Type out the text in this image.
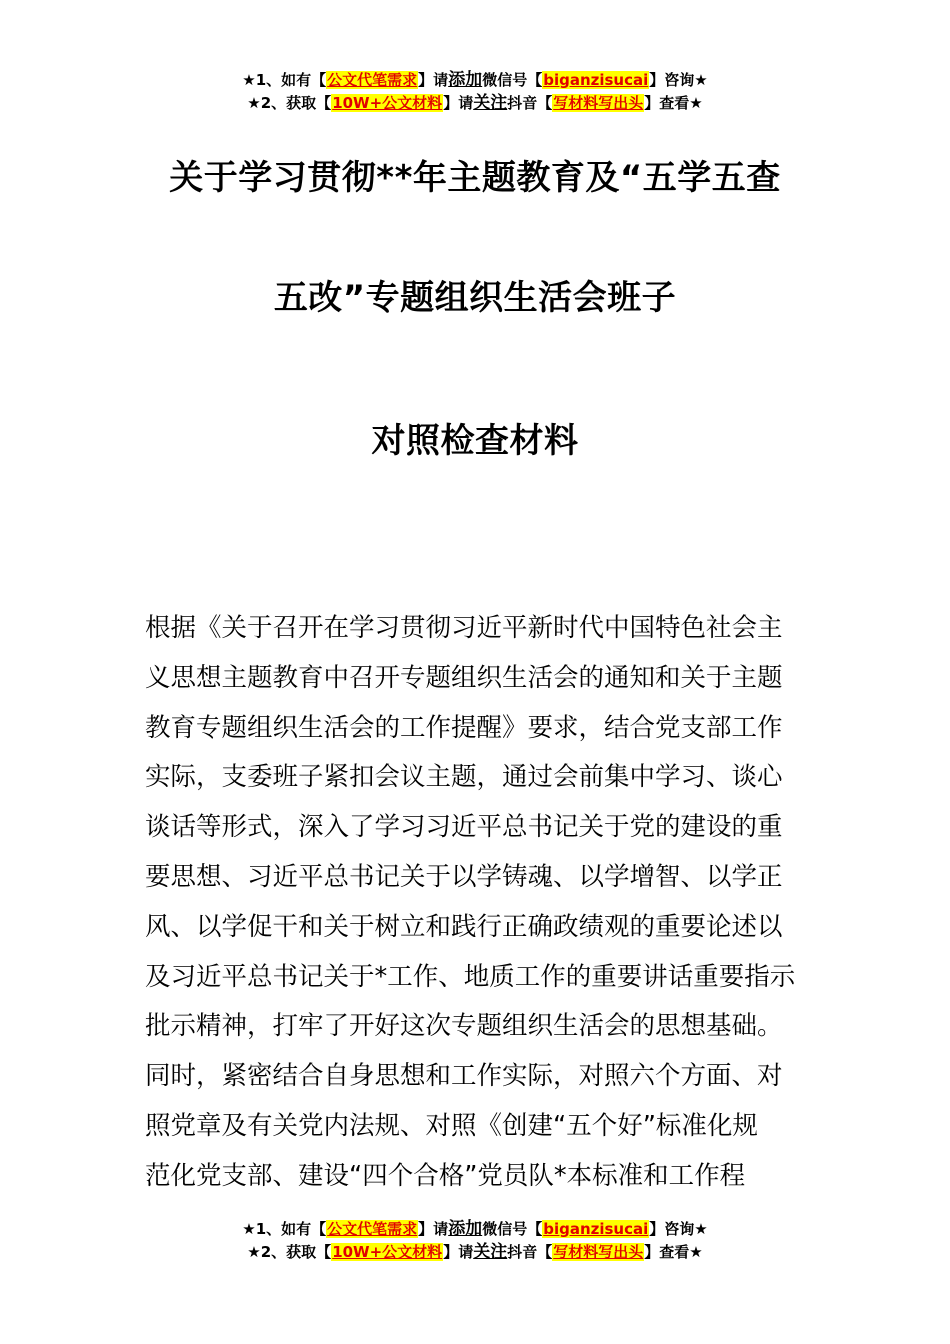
★1、如有【公文代笔需求】请添加微信号【biganzisucai】咨询★
★2、获取【10W+公文材料】请关注抖音【写材料写出头】查看★
关于学习贯彻**年主题教育及“五学五查
五改”专题组织生活会班子
对照检查材料
根据《关于召开在学习贯彻习近平新时代中国特色社会主
义思想主题教育中召开专题组织生活会的通知和关于主题
教育专题组织生活会的工作提醒》要求，结合党支部工作
实际，支委班子紧扣会议主题，通过会前集中学习、谈心
谈话等形式，深入了学习习近平总书记关于党的建设的重
要思想、习近平总书记关于以学铸魂、以学增智、以学正
风、以学促干和关于树立和践行正确政绩观的重要论述以
及习近平总书记关于*工作、地质工作的重要讲话重要指示
批示精神，打牢了开好这次专题组织生活会的思想基础。
同时，紧密结合自身思想和工作实际，对照六个方面、对
照党章及有关党内法规、对照《创建“五个好”标准化规
范化党支部、建设“四个合格”党员队*本标准和工作程
★1、如有【公文代笔需求】请添加微信号【biganzisucai】咨询★
★2、获取【10W+公文材料】请关注抖音【写材料写出头】查看★
